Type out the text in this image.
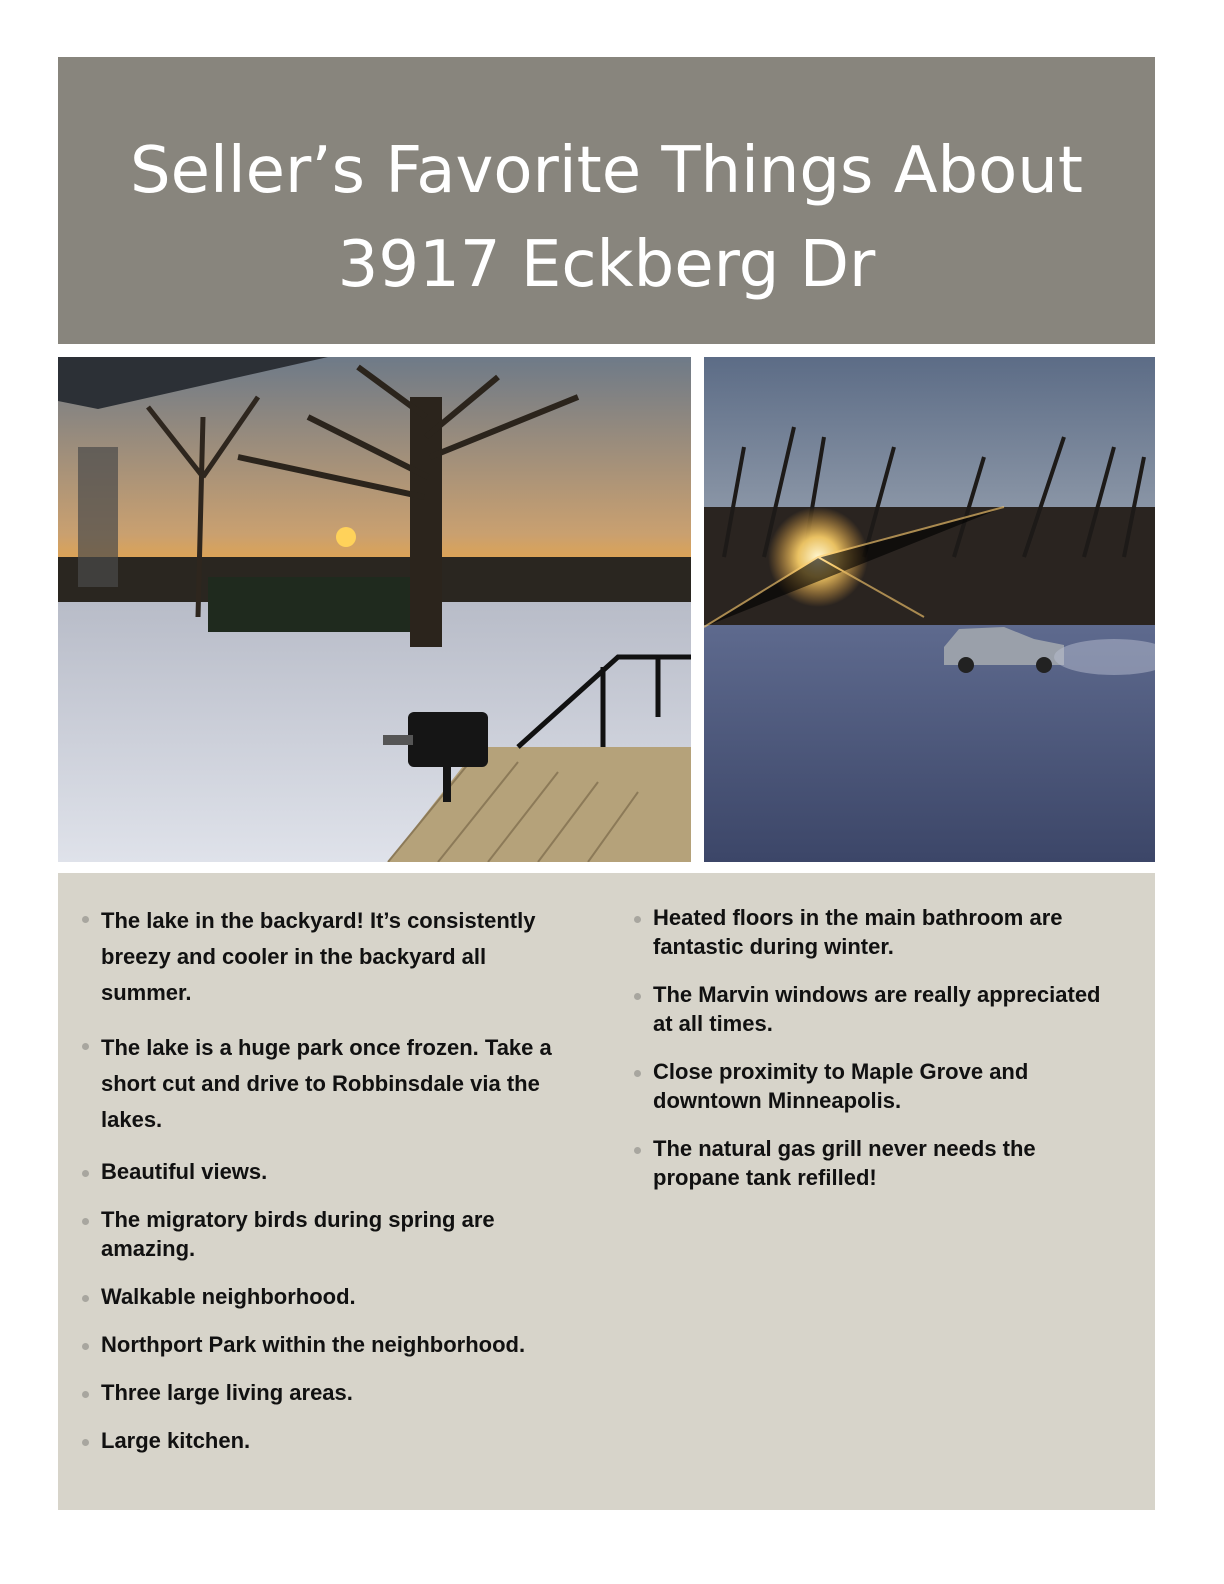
Seller’s Favorite Things About
3917 Eckberg Dr
The lake in the backyard! It’s consistently breezy and cooler in the backyard all summer.
The lake is a huge park once frozen. Take a short cut and drive to Robbinsdale via the lakes.
Beautiful views.
The migratory birds during spring are amazing.
Walkable neighborhood.
Northport Park within the neighborhood.
Three large living areas.
Large kitchen.
Heated floors in the main bathroom are fantastic during winter.
The Marvin windows are really appreciated at all times.
Close proximity to Maple Grove and downtown Minneapolis.
The natural gas grill never needs the propane tank refilled!
